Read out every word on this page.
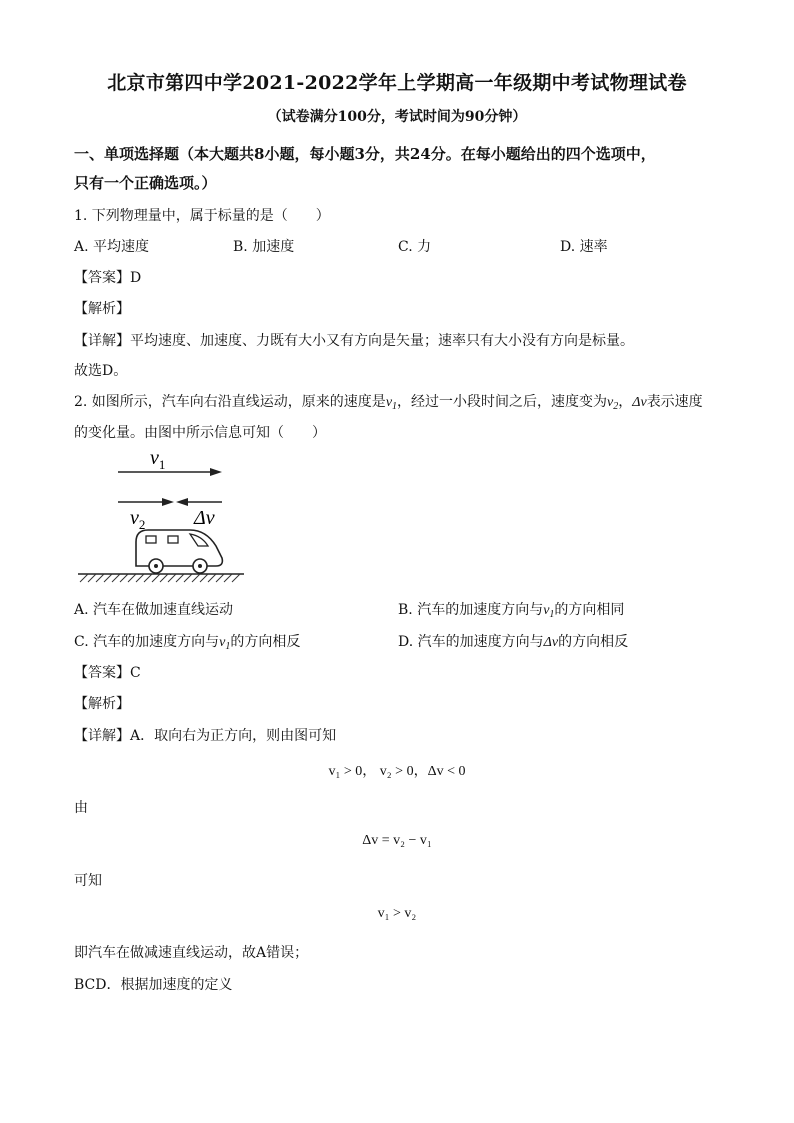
北京市第四中学2021-2022学年上学期高一年级期中考试物理试卷
（试卷满分100分，考试时间为90分钟）
一、单项选择题（本大题共8小题，每小题3分，共24分。在每小题给出的四个选项中，
只有一个正确选项。）
1. 下列物理量中，属于标量的是（　　）
A. 平均速度	B. 加速度	C. 力	D. 速率
【答案】D
【解析】
【详解】平均速度、加速度、力既有大小又有方向是矢量；速率只有大小没有方向是标量。
故选D。
2. 如图所示，汽车向右沿直线运动，原来的速度是$v_1$，经过一小段时间之后，速度变为$v_2$，Δv表示速度
的变化量。由图中所示信息可知（　　）
$v_1$
$v_2$ Δv
A. 汽车在做加速直线运动	B. 汽车的加速度方向与$v_1$的方向相同
C. 汽车的加速度方向与$v_1$的方向相反	D. 汽车的加速度方向与Δv的方向相反
【答案】C
【解析】
【详解】A．取向右为正方向，则由图可知
v₁ > 0， v₂ > 0，Δv < 0
由
Δv = v₂ − v₁
可知
v₁ > v₂
即汽车在做减速直线运动，故A错误；
BCD．根据加速度的定义
